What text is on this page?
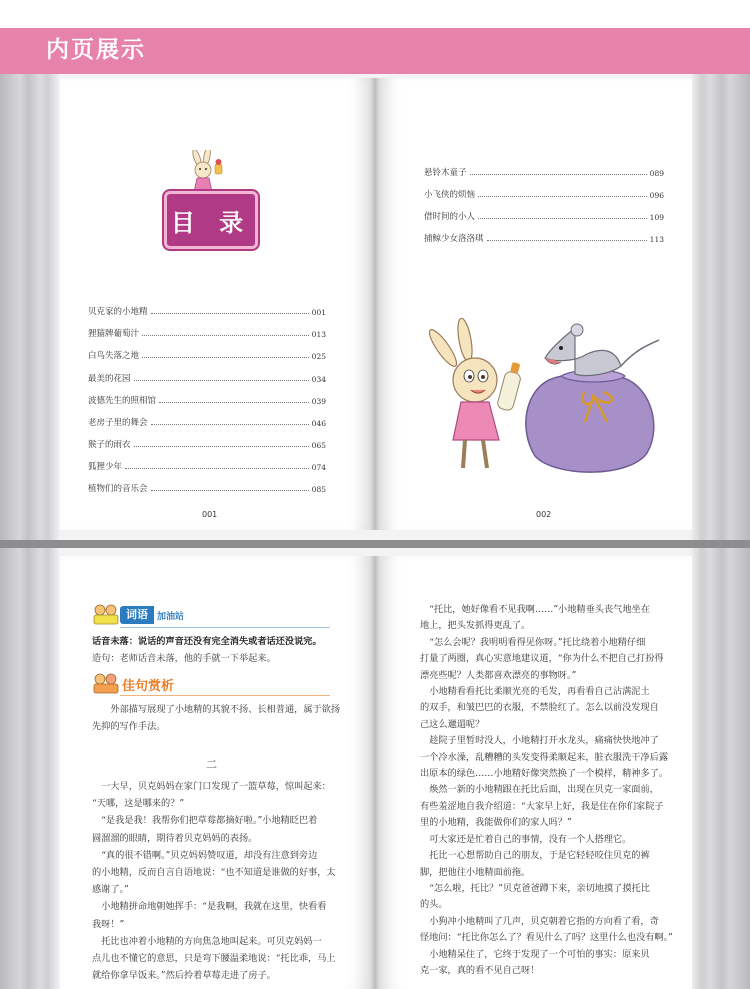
内页展示
目 录
贝克家的小地精	001
狸猫牌葡萄汁	013
白鸟失落之地	025
最美的花园	034
波德先生的照相馆	039
老房子里的舞会	046
猴子的雨衣	065
狐狸少年	074
植物们的音乐会	085
悬铃木童子	089
小飞侠的烦恼	096
借时间的小人	109
捕鲸少女洛洛琪	113
001	002
词语	加油站
话音未落：说话的声音还没有完全消失或者话还没说完。
造句：老师话音未落，他的手就一下举起来。
佳句赏析
外部描写展现了小地精的其貌不扬、长相普通，属于欲扬先抑的写作手法。
二

一大早，贝克妈妈在家门口发现了一篮草莓，惊叫起来：

“天哪，这是哪来的？”

“是我是我！我帮你们把草莓都摘好啦。”小地精眨巴着

圆溜溜的眼睛，期待着贝克妈妈的表扬。

“真的很不错啊。”贝克妈妈赞叹道，却没有注意到旁边

的小地精，反而自言自语地说：“也不知道是谁做的好事，太

感谢了。”

小地精拼命地朝她挥手：“是我啊，我就在这里，快看看

我呀！”

托比也冲着小地精的方向焦急地叫起来。可贝克妈妈一

点儿也不懂它的意思，只是弯下腰温柔地说：“托比乖，马上

就给你拿早饭来。”然后拎着草莓走进了房子。

“托比，她好像看不见我啊……”小地精垂头丧气地坐在

地上，把头发抓得更乱了。

“怎么会呢？我明明看得见你呀。”托比绕着小地精仔细

打量了两圈，真心实意地建议道，“你为什么不把自己打扮得

漂亮些呢？人类都喜欢漂亮的事物呀。”

小地精看看托比柔顺光亮的毛发，再看看自己沾满泥土

的双手，和皱巴巴的衣服，不禁脸红了。怎么以前没发现自

己这么邋遢呢？

趁院子里暂时没人，小地精打开水龙头，痛痛快快地冲了

一个冷水澡，乱糟糟的头发变得柔顺起来，脏衣服洗干净后露

出原本的绿色……小地精好像突然换了一个模样，精神多了。

焕然一新的小地精跟在托比后面，出现在贝克一家面前，

有些羞涩地自我介绍道：“大家早上好，我是住在你们家院子

里的小地精，我能做你们的家人吗？”

可大家还是忙着自己的事情，没有一个人搭理它。

托比一心想帮助自己的朋友，于是它轻轻咬住贝克的裤

脚，把他往小地精面前拖。

“怎么啦，托比？”贝克爸爸蹲下来，亲切地摸了摸托比

的头。

小狗冲小地精叫了几声，贝克朝着它指的方向看了看，奇

怪地问：“托比你怎么了？看见什么了吗？这里什么也没有啊。”

小地精呆住了，它终于发现了一个可怕的事实：原来贝

克一家，真的看不见自己呀！
